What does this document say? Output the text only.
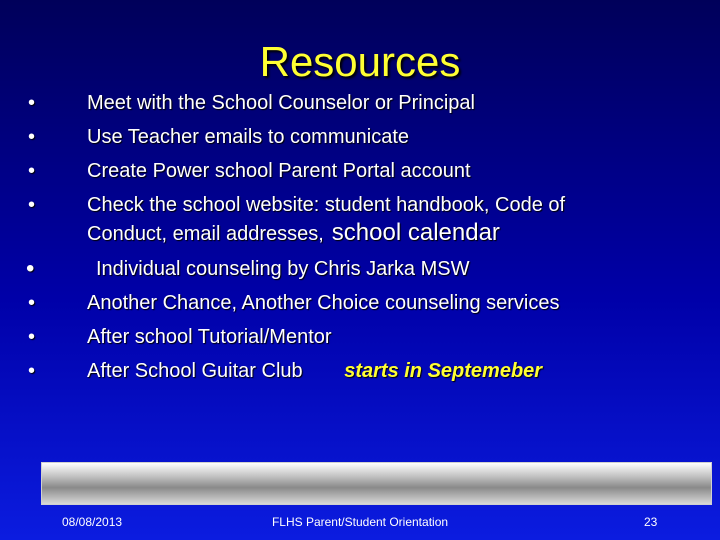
Resources
•	Meet with the School Counselor or Principal
•	Use Teacher emails to communicate
•	Create Power school Parent Portal account
•	Check the school website: student handbook, Code of
Conduct, email addresses, school calendar
•	Individual counseling by Chris Jarka MSW
•	Another Chance, Another Choice counseling services
•	After school Tutorial/Mentor
•	After School Guitar Club starts in Septemeber
08/08/2013	FLHS Parent/Student Orientation	23
